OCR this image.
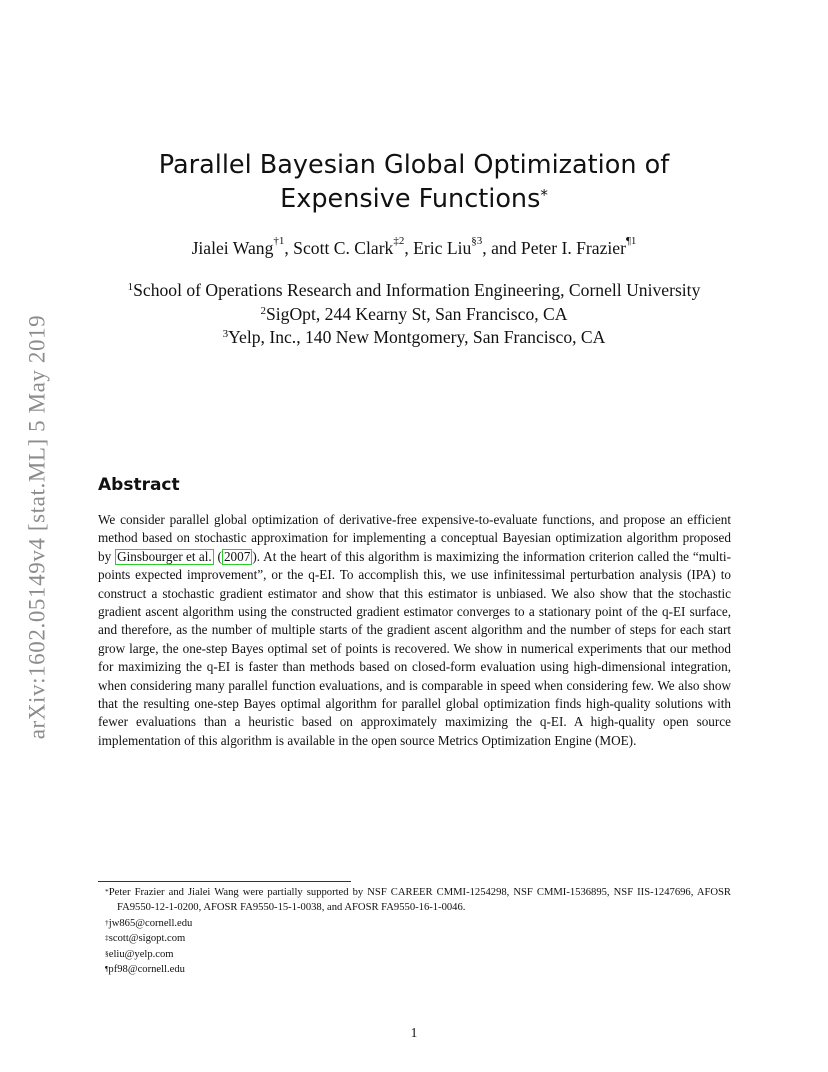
arXiv:1602.05149v4 [stat.ML] 5 May 2019
Parallel Bayesian Global Optimization of
Expensive Functions*
Jialei Wang$^{\dagger 1}$, Scott C. Clark$^{\ddagger 2}$, Eric Liu$^{\S 3}$, and Peter I. Frazier$^{\P 1}$
$^1$School of Operations Research and Information Engineering, Cornell University
$^2$SigOpt, 244 Kearny St, San Francisco, CA
$^3$Yelp, Inc., 140 New Montgomery, San Francisco, CA
Abstract

We consider parallel global optimization of derivative-free expensive-to-evaluate functions, and propose an efficient method based on stochastic approximation for implementing a conceptual Bayesian optimization algorithm proposed by Ginsbourger et al. ( 2007 ). At the heart of this algorithm is maximizing the information criterion called the “multi-points expected improvement”, or the q-EI. To accomplish this, we use infinitessimal perturbation analysis (IPA) to construct a stochastic gradient estimator and show that this estimator is unbiased. We also show that the stochastic gradient ascent algorithm using the constructed gradient estimator converges to a stationary point of the q-EI surface, and therefore, as the number of multiple starts of the gradient ascent algorithm and the number of steps for each start grow large, the one-step Bayes optimal set of points is recovered. We show in numerical experiments that our method for maximizing the q-EI is faster than methods based on closed-form evaluation using high-dimensional integration, when considering many parallel function evaluations, and is comparable in speed when considering few. We also show that the resulting one-step Bayes optimal algorithm for parallel global optimization finds high-quality solutions with fewer evaluations than a heuristic based on approximately maximizing the q-EI. A high-quality open source implementation of this algorithm is available in the open source Metrics Optimization Engine (MOE).

*Peter Frazier and Jialei Wang were partially supported by NSF CAREER CMMI-1254298, NSF CMMI-1536895, NSF IIS-1247696, AFOSR FA9550-12-1-0200, AFOSR FA9550-15-1-0038, and AFOSR FA9550-16-1-0046.
†jw865@cornell.edu
‡scott@sigopt.com
§eliu@yelp.com
¶pf98@cornell.edu
1
